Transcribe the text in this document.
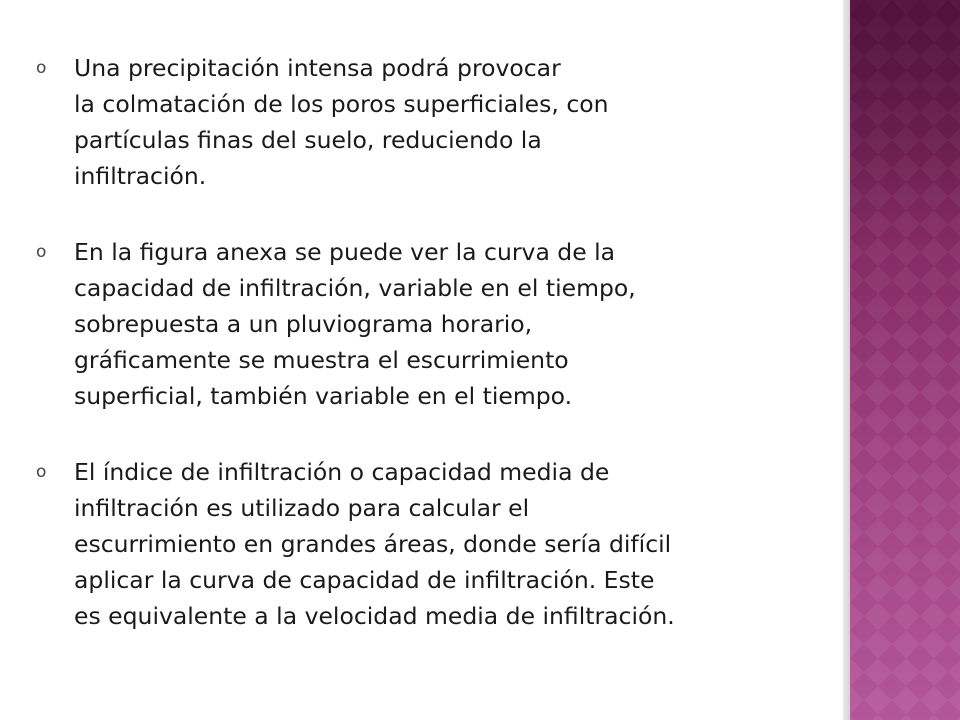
o	Una precipitación intensa podrá provocar
la colmatación de los poros superficiales, con
partículas finas del suelo, reduciendo la
infiltración.
o	En la figura anexa se puede ver la curva de la
capacidad de infiltración, variable en el tiempo,
sobrepuesta a un pluviograma horario,
gráficamente se muestra el escurrimiento
superficial, también variable en el tiempo.
o	El índice de infiltración o capacidad media de
infiltración es utilizado para calcular el
escurrimiento en grandes áreas, donde sería difícil
aplicar la curva de capacidad de infiltración. Este
es equivalente a la velocidad media de infiltración.
